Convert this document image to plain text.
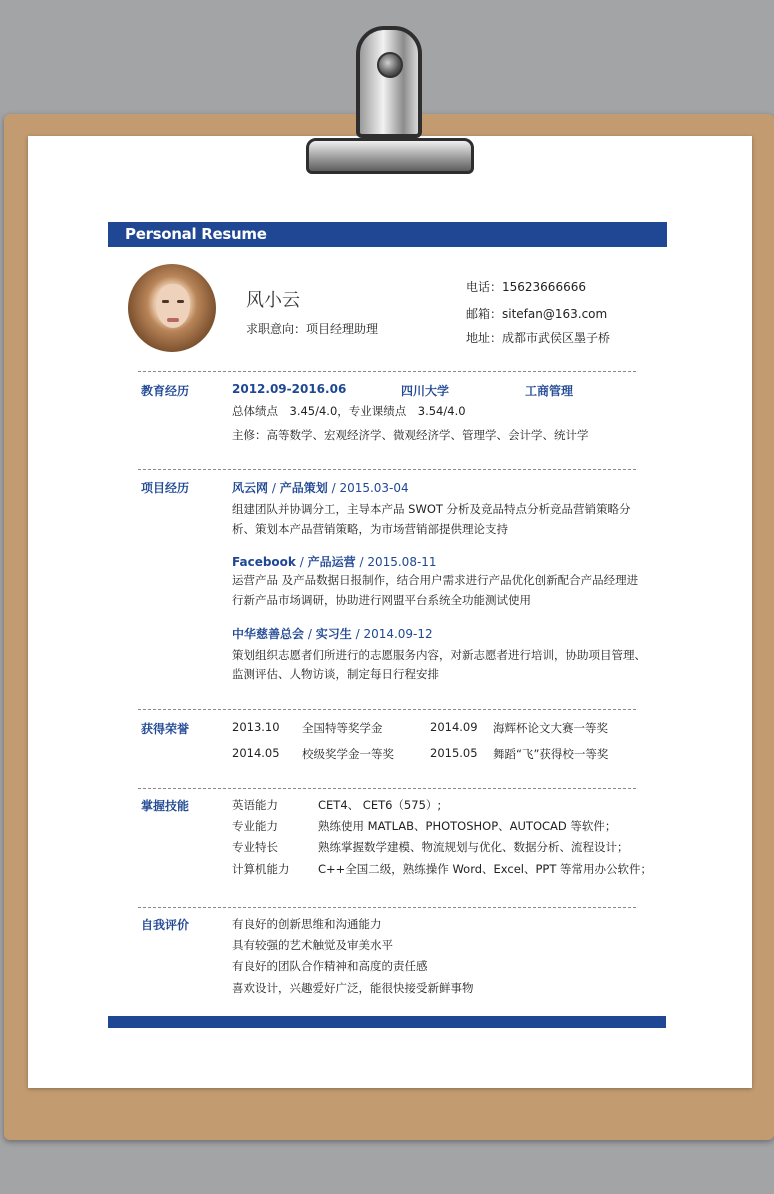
Personal Resume
风小云
求职意向：项目经理助理
电话：15623666666
邮箱：sitefan@163.com
地址：成都市武侯区墨子桥
教育经历	2012.09-2016.06	四川大学	工商管理
总体绩点　3.45/4.0，专业课绩点　3.54/4.0
主修：高等数学、宏观经济学、微观经济学、管理学、会计学、统计学
项目经历	风云网 / 产品策划 / 2015.03-04
组建团队并协调分工，主导本产品 SWOT 分析及竞品特点分析竞品营销策略分
析、策划本产品营销策略，为市场营销部提供理论支持
Facebook / 产品运营 / 2015.08-11
运营产品 及产品数据日报制作，结合用户需求进行产品优化创新配合产品经理进
行新产品市场调研，协助进行网盟平台系统全功能测试使用
中华慈善总会 / 实习生 / 2014.09-12
策划组织志愿者们所进行的志愿服务内容，对新志愿者进行培训，协助项目管理、
监测评估、人物访谈，制定每日行程安排
获得荣誉	2013.10 全国特等奖学金	2014.09 海辉杯论文大赛一等奖
2014.05 校级奖学金一等奖	2015.05 舞蹈“飞”获得校一等奖
掌握技能	英语能力	CET4、 CET6（575）;
专业能力	熟练使用 MATLAB、PHOTOSHOP、AUTOCAD 等软件；
专业特长	熟练掌握数学建模、物流规划与优化、数据分析、流程设计；
计算机能力 C++全国二级，熟练操作 Word、Excel、PPT 等常用办公软件；
自我评价	有良好的创新思维和沟通能力
具有较强的艺术触觉及审美水平
有良好的团队合作精神和高度的责任感
喜欢设计，兴趣爱好广泛，能很快接受新鲜事物
